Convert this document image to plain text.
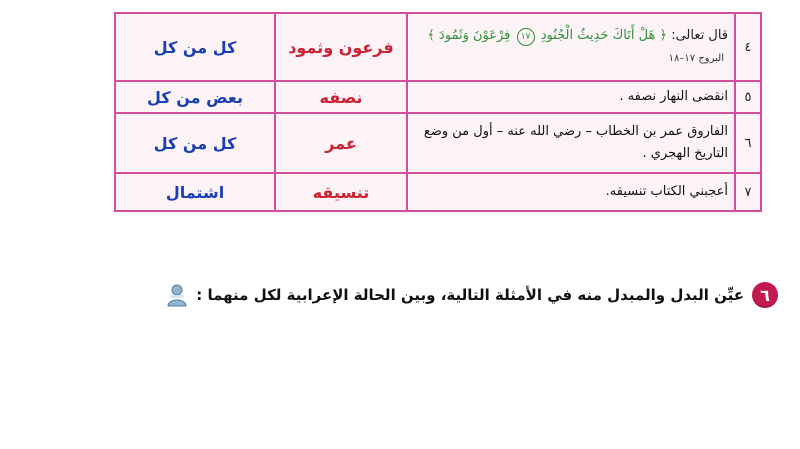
٤	قال تعالى: ﴿ هَلْ أَتَاكَ حَدِيثُ الْجُنُودِ ١٧ فِرْعَوْنَ وَثَمُودَ ﴾ البروج ١٧–١٨	فرعون وثمود	كل من كل
٥	انقضى النهار نصفه .	نصفه	بعض من كل
٦	الفاروق عمر بن الخطاب – رضي الله عنه – أول من وضع التاريخ الهجري .	عمر	كل من كل
٧	أعجبني الكتاب تنسيقه.	تنسيقه	اشتمال
٦
عيِّن البدل والمبدل منه في الأمثلة التالية، وبين الحالة الإعرابية لكل منهما :
